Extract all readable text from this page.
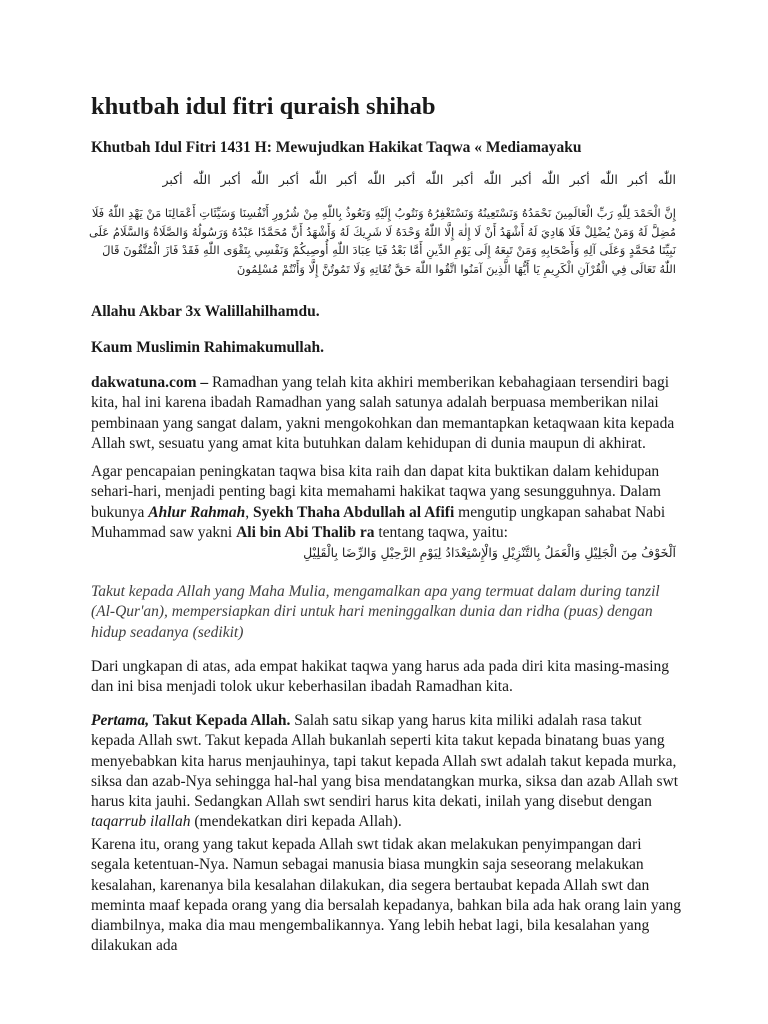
khutbah idul fitri quraish shihab
Khutbah Idul Fitri 1431 H: Mewujudkan Hakikat Taqwa « Mediamayaku
اللّٰه أكبر اللّٰه أكبر اللّٰه أكبر اللّٰه أكبر اللّٰه أكبر اللّٰه أكبر اللّٰه أكبر اللّٰه أكبر اللّٰه أكبر
إِنَّ الْحَمْدَ لِلّٰهِ رَبِّ الْعَالَمِينَ نَحْمَدُهُ وَنَسْتَعِينُهُ وَنَسْتَغْفِرُهُ وَنَتُوبُ إِلَيْهِ وَنَعُوذُ بِاللّٰهِ مِنْ شُرُورِ أَنْفُسِنَا وَسَيِّئَاتِ أَعْمَالِنَا مَنْ يَهْدِ اللّٰهُ فَلَا مُضِلَّ لَهُ وَمَنْ يُضْلِلْ فَلَا هَادِيَ لَهُ أَشْهَدُ أَنْ لَا إِلٰهَ إِلَّا اللّٰهُ وَحْدَهُ لَا شَرِيكَ لَهُ وَأَشْهَدُ أَنَّ مُحَمَّدًا عَبْدُهُ وَرَسُولُهُ وَالصَّلَاةُ وَالسَّلَامُ عَلَى نَبِيِّنَا مُحَمَّدٍ وَعَلَى آلِهِ وَأَصْحَابِهِ وَمَنْ تَبِعَهُ إِلَى يَوْمِ الدِّينِ أَمَّا بَعْدُ فَيَا عِبَادَ اللّٰهِ أُوصِيكُمْ وَنَفْسِي بِتَقْوَى اللّٰهِ فَقَدْ فَازَ الْمُتَّقُونَ قَالَ اللّٰهُ تَعَالَى فِي الْقُرْآنِ الْكَرِيمِ يَا أَيُّهَا الَّذِينَ آمَنُوا اتَّقُوا اللّٰهَ حَقَّ تُقَاتِهِ وَلَا تَمُوتُنَّ إِلَّا وَأَنْتُمْ مُسْلِمُونَ
Allahu Akbar 3x Walillahilhamdu.
Kaum Muslimin Rahimakumullah.

dakwatuna.com – Ramadhan yang telah kita akhiri memberikan kebahagiaan tersendiri bagi kita, hal ini karena ibadah Ramadhan yang salah satunya adalah berpuasa memberikan nilai pembinaan yang sangat dalam, yakni mengokohkan dan memantapkan ketaqwaan kita kepada Allah swt, sesuatu yang amat kita butuhkan dalam kehidupan di dunia maupun di akhirat.

Agar pencapaian peningkatan taqwa bisa kita raih dan dapat kita buktikan dalam kehidupan sehari-hari, menjadi penting bagi kita memahami hakikat taqwa yang sesungguhnya. Dalam bukunya Ahlur Rahmah, Syekh Thaha Abdullah al Afifi mengutip ungkapan sahabat Nabi Muhammad saw yakni Ali bin Abi Thalib ra tentang taqwa, yaitu:

اَلْخَوْفُ مِنَ الْجَلِيْلِ وَالْعَمَلُ بِالتَّنْزِيْلِ وَالْإِسْتِعْدَادُ لِيَوْمِ الرَّحِيْلِ وَالرِّضَا بِالْقَلِيْلِ

Takut kepada Allah yang Maha Mulia, mengamalkan apa yang termuat dalam during tanzil (Al-Qur'an), mempersiapkan diri untuk hari meninggalkan dunia dan ridha (puas) dengan hidup seadanya (sedikit)

Dari ungkapan di atas, ada empat hakikat taqwa yang harus ada pada diri kita masing-masing dan ini bisa menjadi tolok ukur keberhasilan ibadah Ramadhan kita.

Pertama, Takut Kepada Allah. Salah satu sikap yang harus kita miliki adalah rasa takut kepada Allah swt. Takut kepada Allah bukanlah seperti kita takut kepada binatang buas yang menyebabkan kita harus menjauhinya, tapi takut kepada Allah swt adalah takut kepada murka, siksa dan azab-Nya sehingga hal-hal yang bisa mendatangkan murka, siksa dan azab Allah swt harus kita jauhi. Sedangkan Allah swt sendiri harus kita dekati, inilah yang disebut dengan taqarrub ilallah (mendekatkan diri kepada Allah).

Karena itu, orang yang takut kepada Allah swt tidak akan melakukan penyimpangan dari segala ketentuan-Nya. Namun sebagai manusia biasa mungkin saja seseorang melakukan kesalahan, karenanya bila kesalahan dilakukan, dia segera bertaubat kepada Allah swt dan meminta maaf kepada orang yang dia bersalah kepadanya, bahkan bila ada hak orang lain yang diambilnya, maka dia mau mengembalikannya. Yang lebih hebat lagi, bila kesalahan yang dilakukan ada
